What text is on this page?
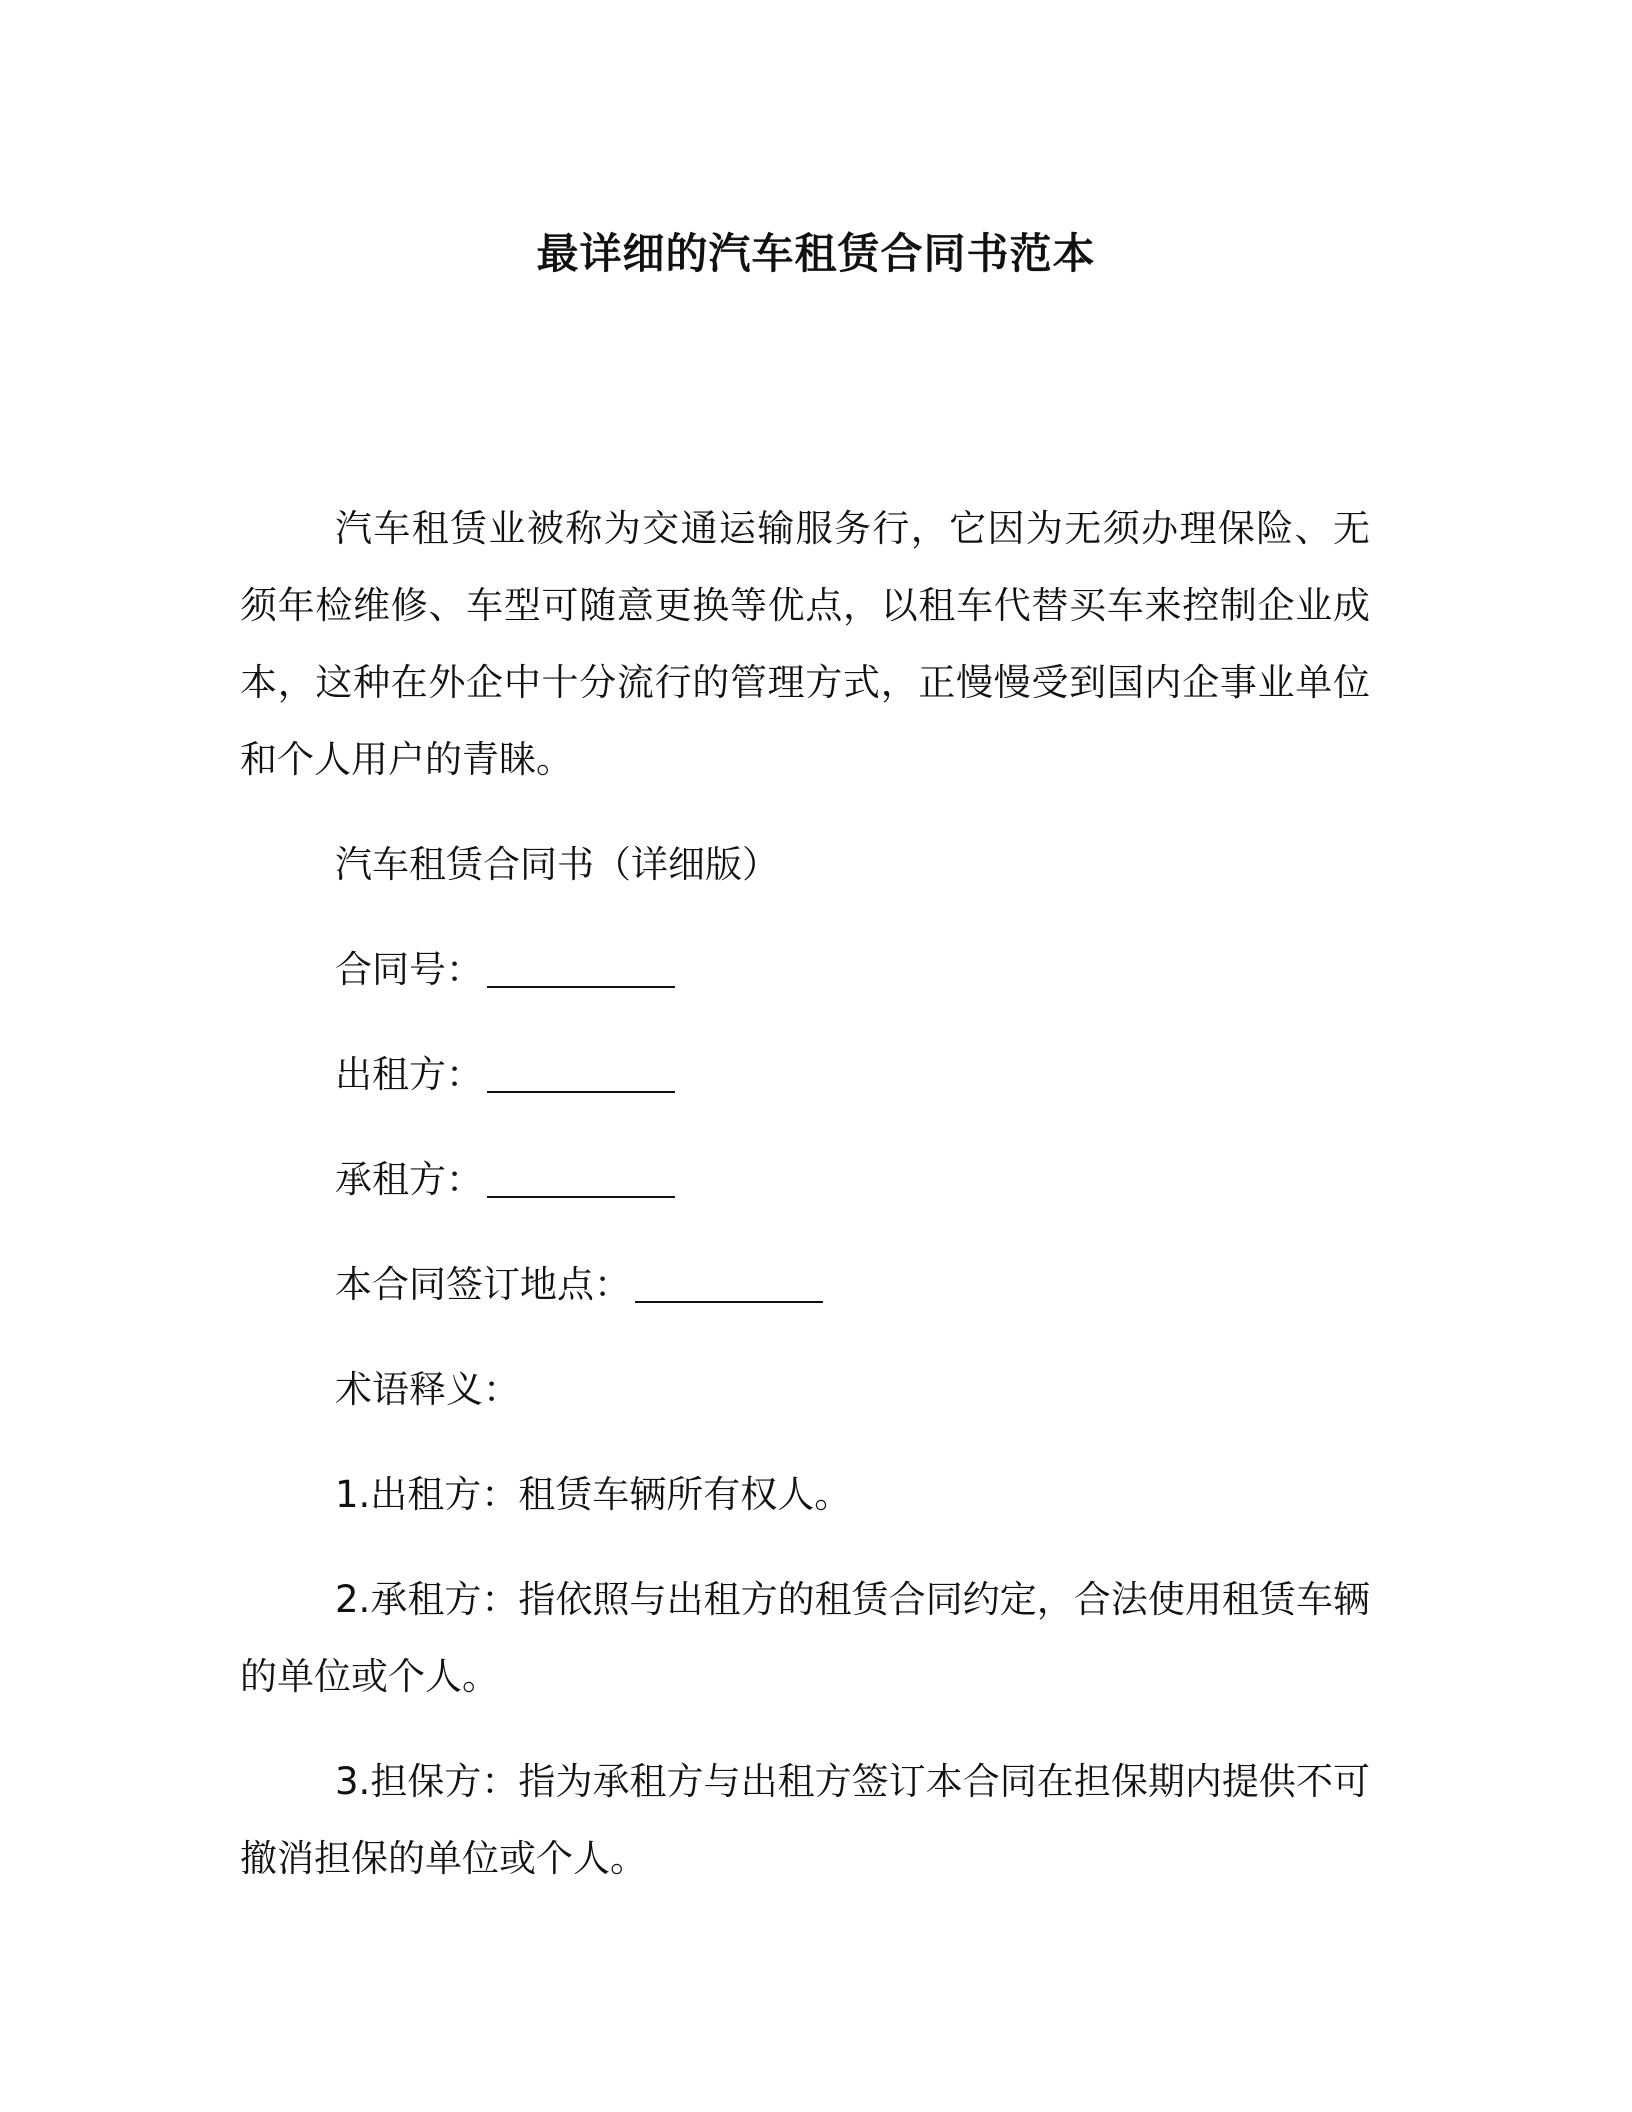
最详细的汽车租赁合同书范本

汽车租赁业被称为交通运输服务行，它因为无须办理保险、无须年检维修、车型可随意更换等优点，以租车代替买车来控制企业成本，这种在外企中十分流行的管理方式，正慢慢受到国内企事业单位和个人用户的青睐。

汽车租赁合同书（详细版）

合同号：

出租方：

承租方：

本合同签订地点：

术语释义：

1.出租方：租赁车辆所有权人。

2.承租方：指依照与出租方的租赁合同约定，合法使用租赁车辆的单位或个人。

3.担保方：指为承租方与出租方签订本合同在担保期内提供不可撤消担保的单位或个人。
